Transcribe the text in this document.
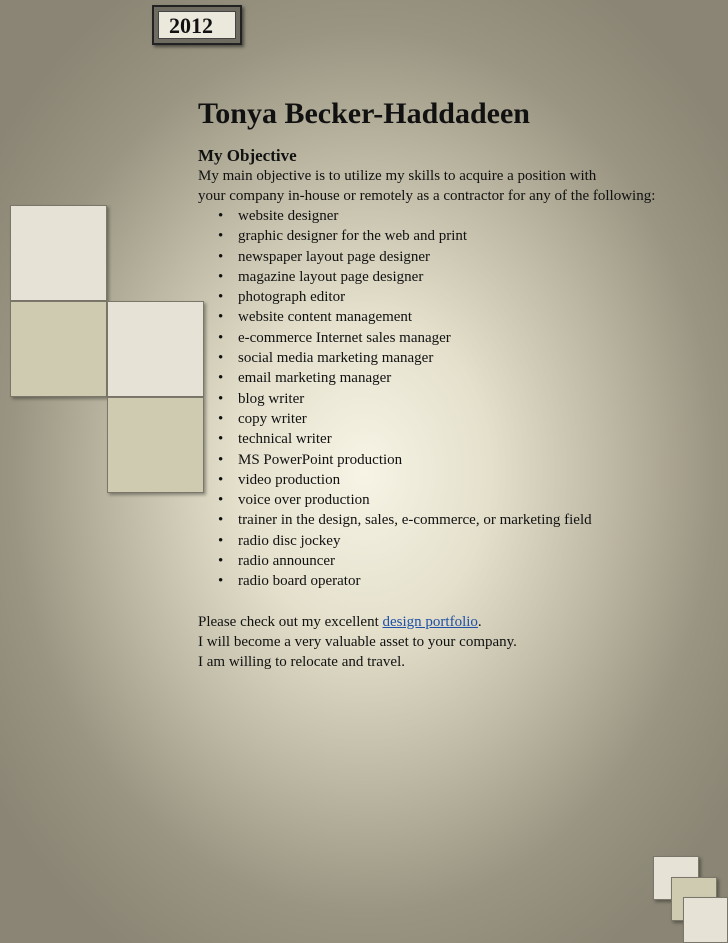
2012
Tonya Becker-Haddadeen
My Objective

My main objective is to utilize my skills to acquire a position with

your company in-house or remotely as a contractor for any of the following:

• website designer
• graphic designer for the web and print
• newspaper layout page designer
• magazine layout page designer
• photograph editor
• website content management
• e-commerce Internet sales manager
• social media marketing manager
• email marketing manager
• blog writer
• copy writer
• technical writer
• MS PowerPoint production
• video production
• voice over production
• trainer in the design, sales, e-commerce, or marketing field
• radio disc jockey
• radio announcer
• radio board operator

Please check out my excellent design portfolio.

I will become a very valuable asset to your company.

I am willing to relocate and travel.
